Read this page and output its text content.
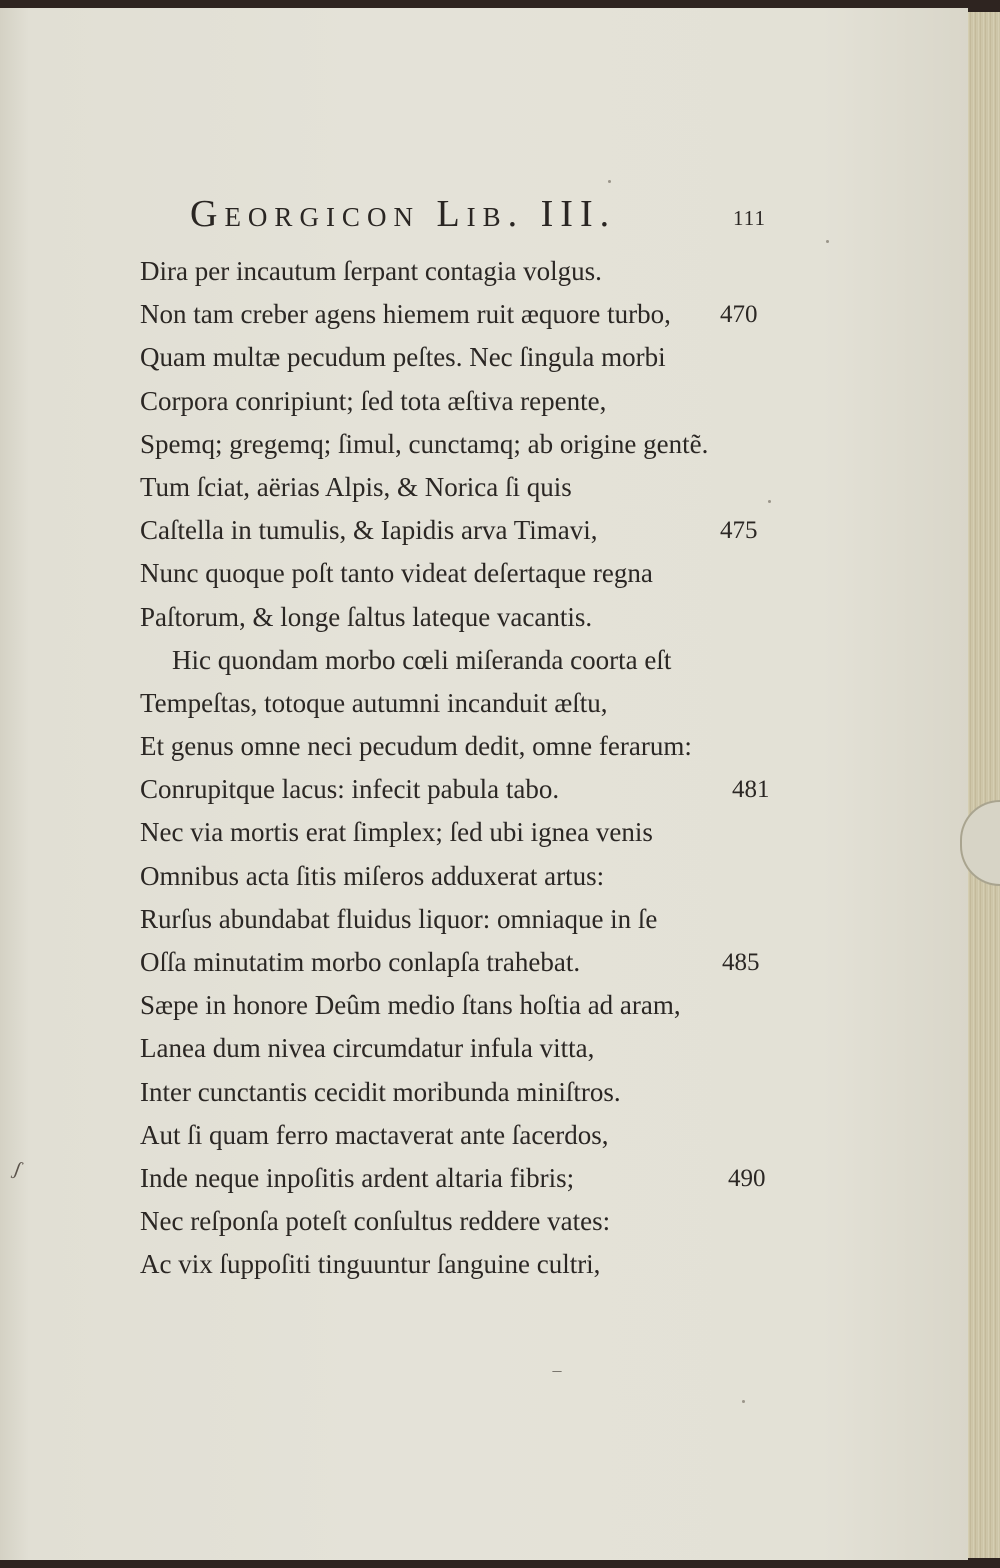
Georgicon Lib. III.	111
Dira per incautum ſerpant contagia volgus.
Non tam creber agens hiemem ruit æquore turbo, 470
Quam multæ pecudum peſtes. Nec ſingula morbi
Corpora conripiunt; ſed tota æſtiva repente,
Spemq; gregemq; ſimul, cunctamq; ab origine gentẽ.
Tum ſciat, aërias Alpis, & Norica ſi quis
Caſtella in tumulis, & Iapidis arva Timavi,	475
Nunc quoque poſt tanto videat deſertaque regna
Paſtorum, & longe ſaltus lateque vacantis.
Hic quondam morbo cœli miſeranda coorta eſt
Tempeſtas, totoque autumni incanduit æſtu,
Et genus omne neci pecudum dedit, omne ferarum:
Conrupitque lacus: infecit pabula tabo.	481
Nec via mortis erat ſimplex; ſed ubi ignea venis
Omnibus acta ſitis miſeros adduxerat artus:
Rurſus abundabat fluidus liquor: omniaque in ſe
Oſſa minutatim morbo conlapſa trahebat.	485
Sæpe in honore Deûm medio ſtans hoſtia ad aram,
Lanea dum nivea circumdatur infula vitta,
Inter cunctantis cecidit moribunda miniſtros.
Aut ſi quam ferro mactaverat ante ſacerdos,
Inde neque inpoſitis ardent altaria fibris;	490
Nec reſponſa poteſt conſultus reddere vates:
Ac vix ſuppoſiti tinguuntur ſanguine cultri,
–
ʃ
